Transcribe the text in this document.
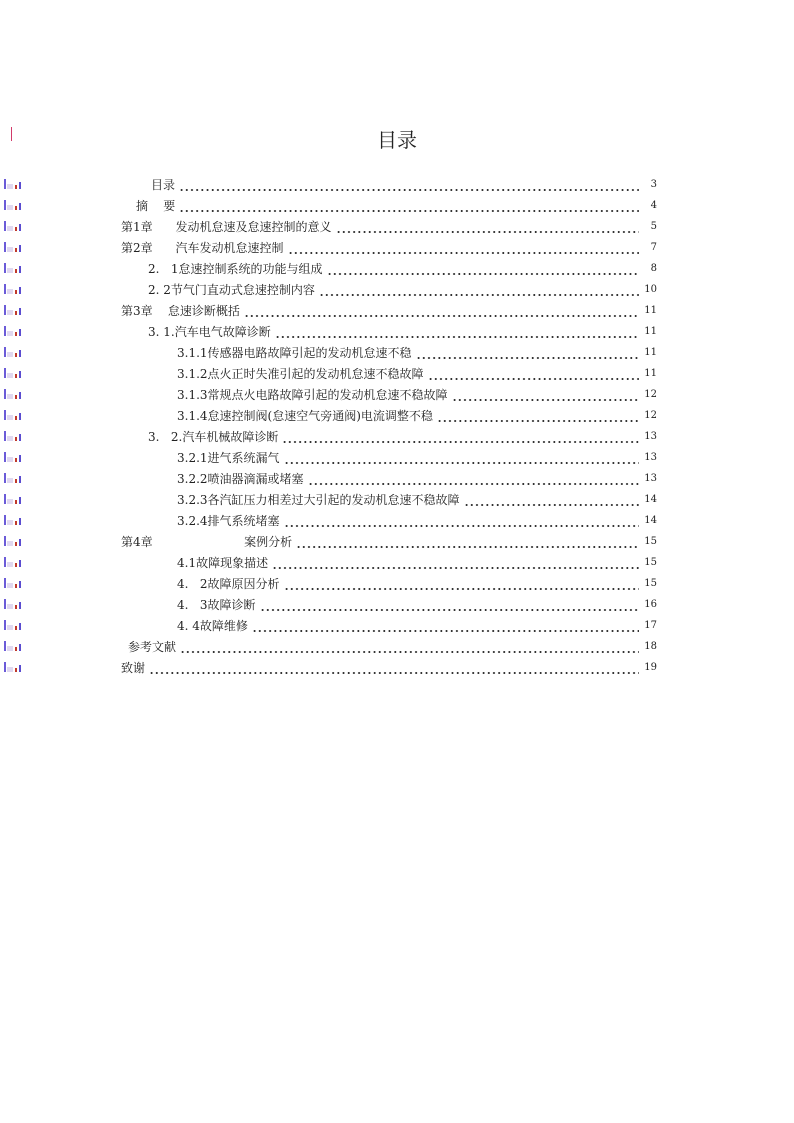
目录
目录	3
摘    要	4
第1章      发动机怠速及怠速控制的意义	5
第2章      汽车发动机怠速控制	7
2.   1怠速控制系统的功能与组成	8
2. 2节气门直动式怠速控制内容	10
第3章    怠速诊断概括	11
3. 1.汽车电气故障诊断	11
3.1.1传感器电路故障引起的发动机怠速不稳	11
3.1.2点火正时失准引起的发动机怠速不稳故障	11
3.1.3常规点火电路故障引起的发动机怠速不稳故障	12
3.1.4怠速控制阀(怠速空气旁通阀)电流调整不稳	12
3.   2.汽车机械故障诊断	13
3.2.1进气系统漏气	13
3.2.2喷油器滴漏或堵塞	13
3.2.3各汽缸压力相差过大引起的发动机怠速不稳故障	14
3.2.4排气系统堵塞	14
第4章                        案例分析	15
4.1故障现象描述	15
4.   2故障原因分析	15
4.   3故障诊断	16
4. 4故障维修	17
参考文献	18
致谢	19
